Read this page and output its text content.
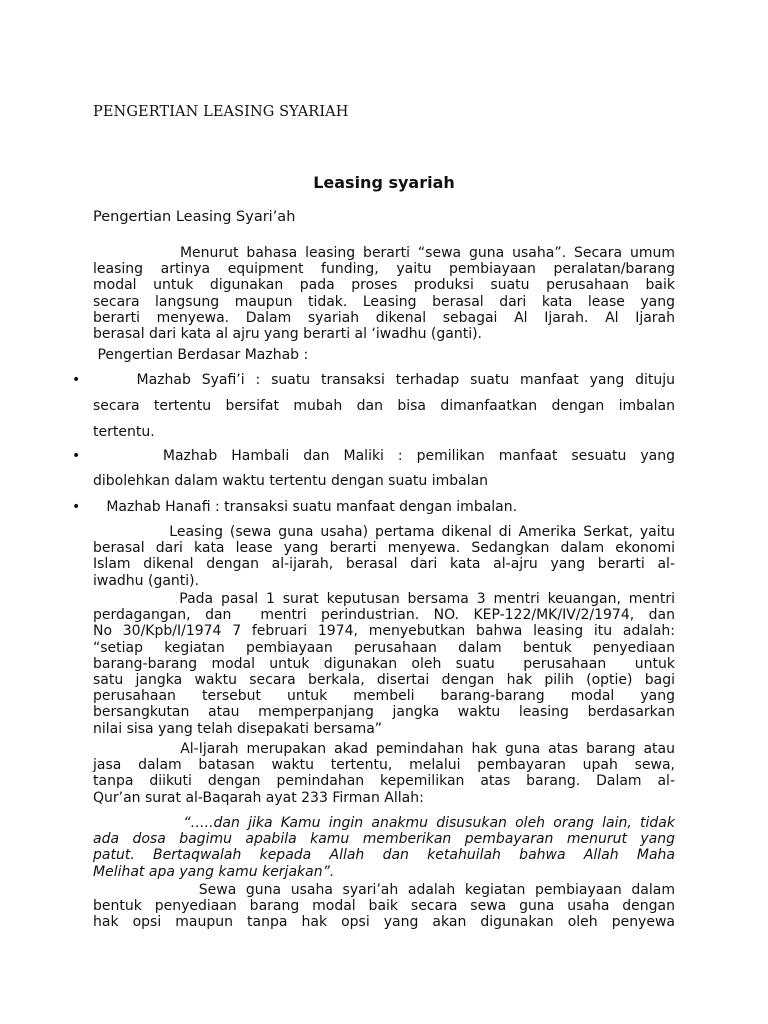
PENGERTIAN LEASING SYARIAH
Leasing syariah
Pengertian Leasing Syari’ah
Menurut bahasa leasing berarti “sewa guna usaha”. Secara umum
leasing artinya equipment funding, yaitu pembiayaan peralatan/barang
modal untuk digunakan pada proses produksi suatu perusahaan baik
secara langsung maupun tidak. Leasing berasal dari kata lease yang
berarti menyewa. Dalam syariah dikenal sebagai Al Ijarah. Al Ijarah
berasal dari kata al ajru yang berarti al ‘iwadhu (ganti).
Pengertian Berdasar Mazhab :
• Mazhab Syafi’i : suatu transaksi terhadap suatu manfaat yang dituju
secara tertentu bersifat mubah dan bisa dimanfaatkan dengan imbalan
tertentu.
• Mazhab Hambali dan Maliki : pemilikan manfaat sesuatu yang
dibolehkan dalam waktu tertentu dengan suatu imbalan
• Mazhab Hanafi : transaksi suatu manfaat dengan imbalan.
Leasing (sewa guna usaha) pertama dikenal di Amerika Serkat, yaitu
berasal dari kata lease yang berarti menyewa. Sedangkan dalam ekonomi
Islam dikenal dengan al-ijarah, berasal dari kata al-ajru yang berarti al-
iwadhu (ganti).
Pada pasal 1 surat keputusan bersama 3 mentri keuangan, mentri
perdagangan, dan  mentri perindustrian. NO. KEP-122/MK/IV/2/1974, dan
No 30/Kpb/I/1974 7 februari 1974, menyebutkan bahwa leasing itu adalah:
“setiap kegiatan pembiayaan perusahaan dalam bentuk penyediaan
barang-barang modal untuk digunakan oleh suatu  perusahaan  untuk
satu jangka waktu secara berkala, disertai dengan hak pilih (optie) bagi
perusahaan tersebut untuk membeli barang-barang modal yang
bersangkutan atau memperpanjang jangka waktu leasing berdasarkan
nilai sisa yang telah disepakati bersama”
Al-Ijarah merupakan akad pemindahan hak guna atas barang atau
jasa dalam batasan waktu tertentu, melalui pembayaran upah sewa,
tanpa diikuti dengan pemindahan kepemilikan atas barang. Dalam al-
Qur’an surat al-Baqarah ayat 233 Firman Allah:
“…..dan jika Kamu ingin anakmu disusukan oleh orang lain, tidak
ada dosa bagimu apabila kamu memberikan pembayaran menurut yang
patut. Bertaqwalah kepada Allah dan ketahuilah bahwa Allah Maha
Melihat apa yang kamu kerjakan”.
Sewa guna usaha syari’ah adalah kegiatan pembiayaan dalam
bentuk penyediaan barang modal baik secara sewa guna usaha dengan
hak opsi maupun tanpa hak opsi yang akan digunakan oleh penyewa
